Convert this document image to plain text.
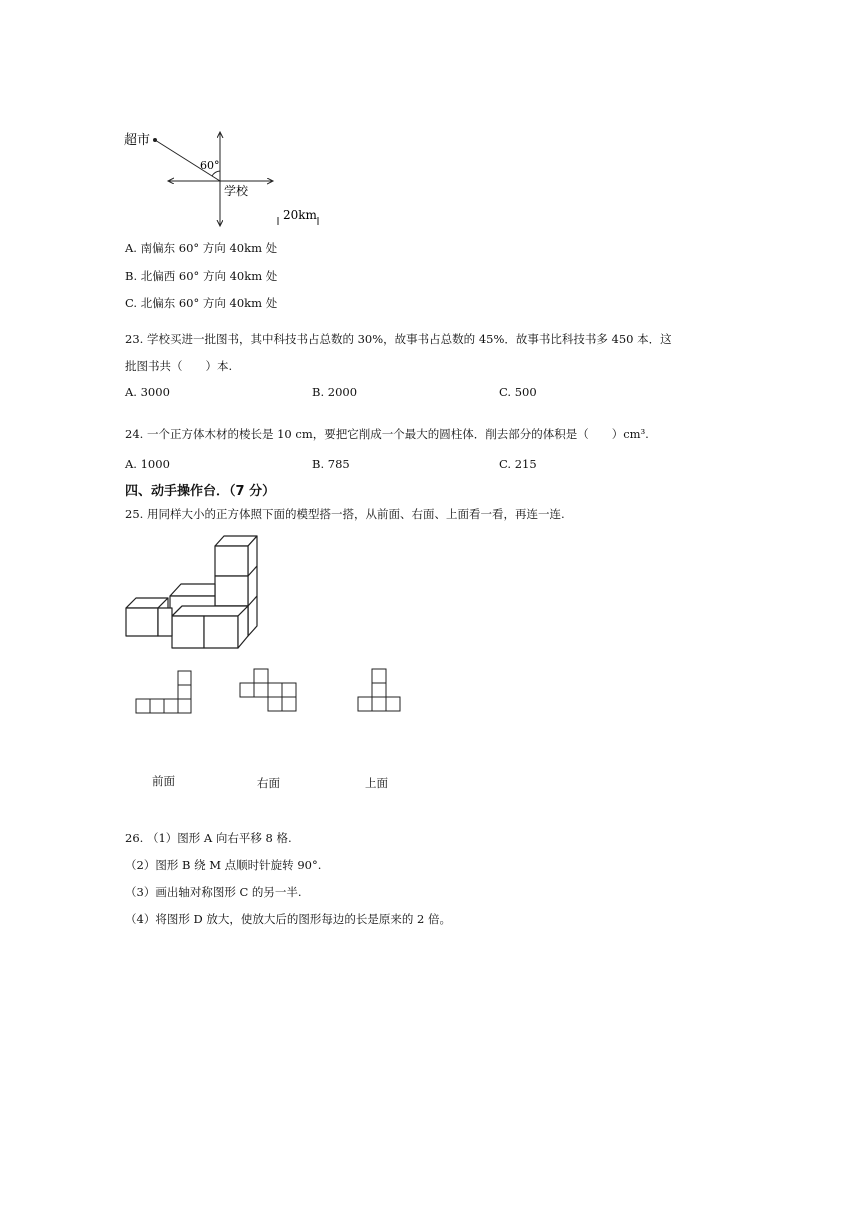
超市
60°
学校
20km
A. 南偏东 60° 方向 40km 处
B. 北偏西 60° 方向 40km 处
C. 北偏东 60° 方向 40km 处
23. 学校买进一批图书，其中科技书占总数的 30%，故事书占总数的 45%．故事书比科技书多 450 本．这
批图书共（　　）本.
A. 3000	B. 2000	C. 500
24. 一个正方体木材的棱长是 10 cm，要把它削成一个最大的圆柱体．削去部分的体积是（　　）cm³.
A. 1000	B. 785	C. 215
四、动手操作台．（7 分）
25. 用同样大小的正方体照下面的模型搭一搭，从前面、右面、上面看一看，再连一连.
前面	右面	上面
26. （1）图形 A 向右平移 8 格.
（2）图形 B 绕 M 点顺时针旋转 90°.
（3）画出轴对称图形 C 的另一半.
（4）将图形 D 放大，使放大后的图形每边的长是原来的 2 倍。
